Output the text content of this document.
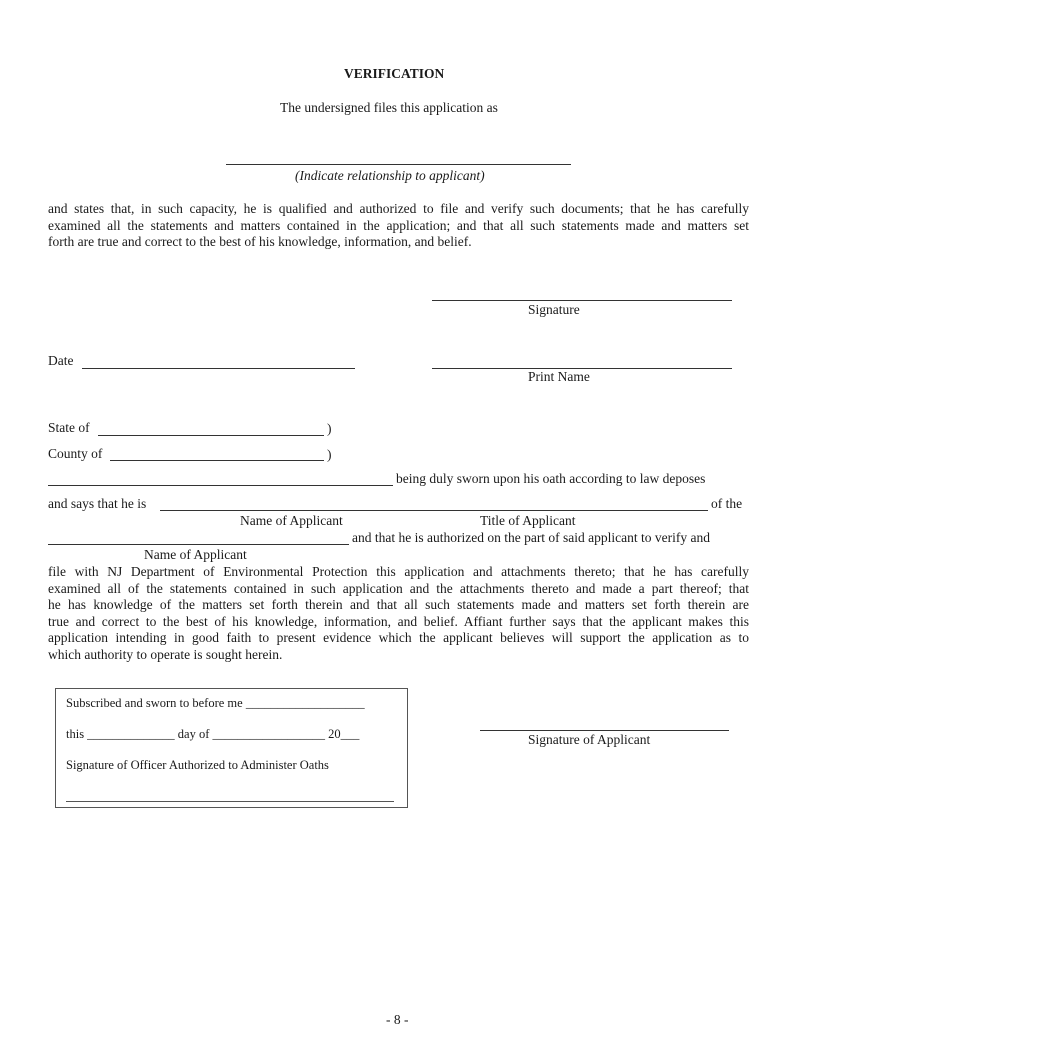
VERIFICATION
The undersigned files this application as
(Indicate relationship to applicant)
and states that, in such capacity, he is qualified and authorized to file and verify such documents; that he has carefully
examined all the statements and matters contained in the application; and that all such statements made and matters set
forth are true and correct to the best of his knowledge, information, and belief.
Signature
Date
Print Name
State of	)
County of	)
being duly sworn upon his oath according to law deposes
and says that he is	of the
Name of Applicant	Title of Applicant
and that he is authorized on the part of said applicant to verify and
Name of Applicant
file with NJ Department of Environmental Protection this application and attachments thereto; that he has carefully
examined all of the statements contained in such application and the attachments thereto and made a part thereof; that
he has knowledge of the matters set forth therein and that all such statements made and matters set forth therein are
true and correct to the best of his knowledge, information, and belief. Affiant further says that the applicant makes this
application intending in good faith to present evidence which the applicant believes will support the application as to
which authority to operate is sought herein.
Subscribed and sworn to before me ___________________
this ______________ day of __________________ 20___
Signature of Officer Authorized to Administer Oaths
Signature of Applicant
- 8 -
